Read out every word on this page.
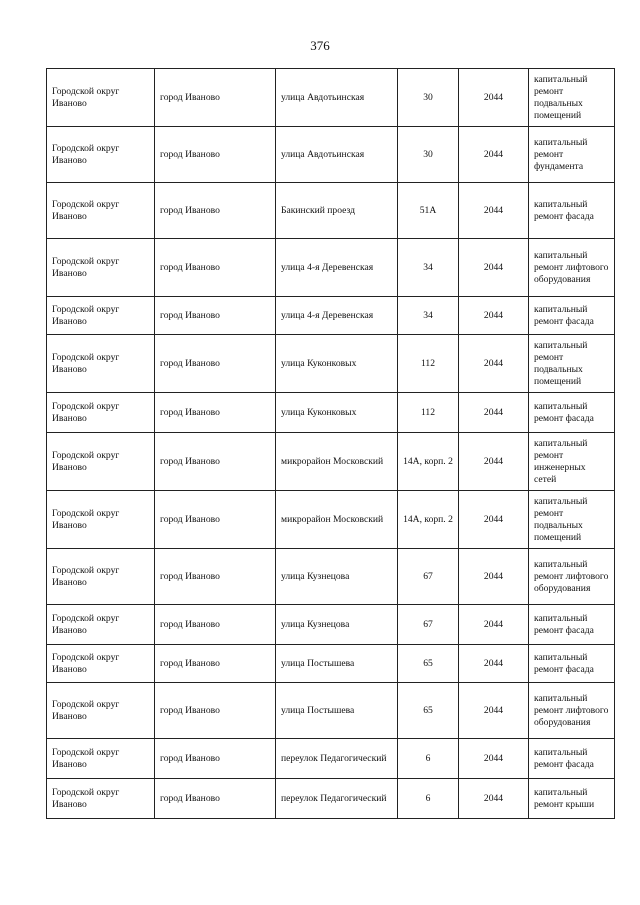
376
Городской округ Иваново	город Иваново	улица Авдотьинская	30	2044	капитальный ремонт подвальных помещений
Городской округ Иваново	город Иваново	улица Авдотьинская	30	2044	капитальный ремонт фундамента
Городской округ Иваново	город Иваново	Бакинский проезд	51А	2044	капитальный ремонт фасада
Городской округ Иваново	город Иваново	улица 4-я Деревенская	34	2044	капитальный ремонт лифтового оборудования
Городской округ Иваново	город Иваново	улица 4-я Деревенская	34	2044	капитальный ремонт фасада
Городской округ Иваново	город Иваново	улица Куконковых	112	2044	капитальный ремонт подвальных помещений
Городской округ Иваново	город Иваново	улица Куконковых	112	2044	капитальный ремонт фасада
Городской округ Иваново	город Иваново	микрорайон Московский	14А, корп. 2	2044	капитальный ремонт инженерных сетей
Городской округ Иваново	город Иваново	микрорайон Московский	14А, корп. 2	2044	капитальный ремонт подвальных помещений
Городской округ Иваново	город Иваново	улица Кузнецова	67	2044	капитальный ремонт лифтового оборудования
Городской округ Иваново	город Иваново	улица Кузнецова	67	2044	капитальный ремонт фасада
Городской округ Иваново	город Иваново	улица Постышева	65	2044	капитальный ремонт фасада
Городской округ Иваново	город Иваново	улица Постышева	65	2044	капитальный ремонт лифтового оборудования
Городской округ Иваново	город Иваново	переулок Педагогический	6	2044	капитальный ремонт фасада
Городской округ Иваново	город Иваново	переулок Педагогический	6	2044	капитальный ремонт крыши
